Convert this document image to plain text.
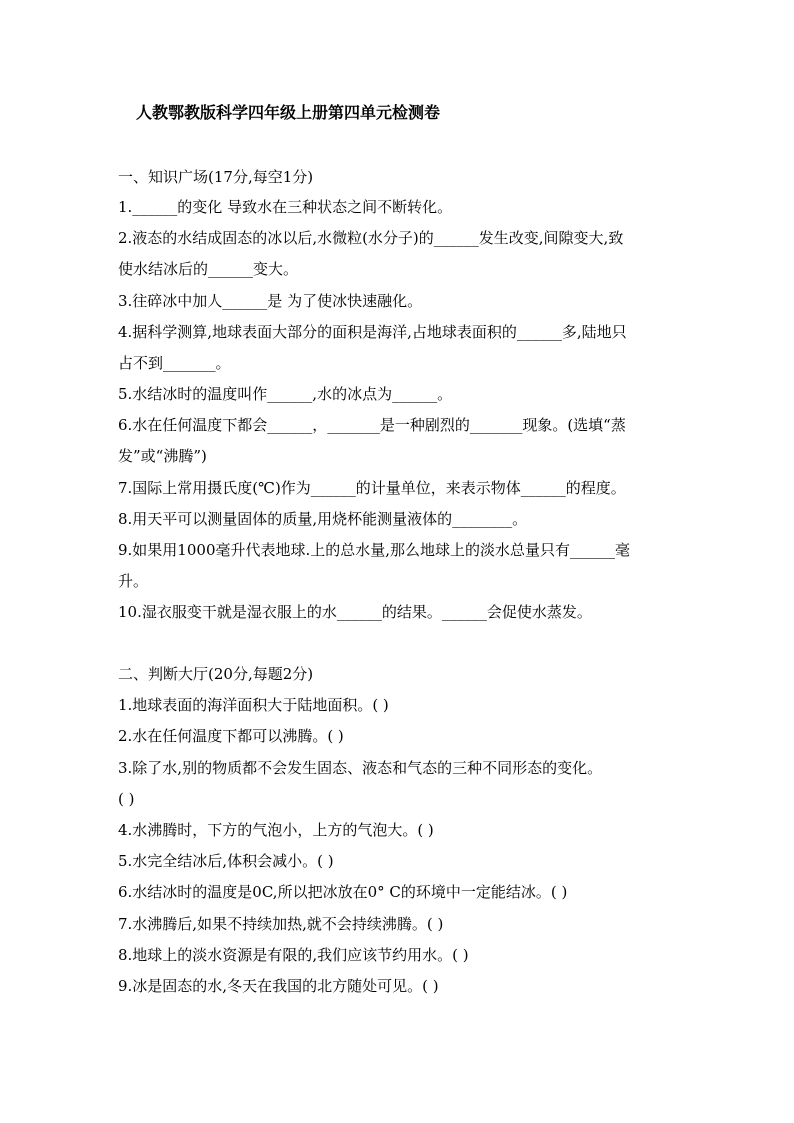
人教鄂教版科学四年级上册第四单元检测卷
一、知识广场(17分,每空1分)
1.______的变化 导致水在三种状态之间不断转化。
2.液态的水结成固态的冰以后,水微粒(水分子)的______发生改变,间隙变大,致
使水结冰后的______变大。
3.往碎冰中加人______是 为了使冰快速融化。
4.据科学测算,地球表面大部分的面积是海洋,占地球表面积的______多,陆地只
占不到_______。
5.水结冰时的温度叫作______,水的冰点为______。
6.水在任何温度下都会______，_______是一种剧烈的_______现象。(选填“蒸
发”或“沸腾”)
7.国际上常用摄氏度(℃)作为______的计量单位，来表示物体______的程度。
8.用天平可以测量固体的质量,用烧杯能测量液体的________。
9.如果用1000毫升代表地球.上的总水量,那么地球上的淡水总量只有______毫
升。
10.湿衣服变干就是湿衣服上的水______的结果。______会促使水蒸发。
二、判断大厅(20分,每题2分)
1.地球表面的海洋面积大于陆地面积。( )
2.水在任何温度下都可以沸腾。( )
3.除了水,别的物质都不会发生固态、液态和气态的三种不同形态的变化。
( )
4.水沸腾时，下方的气泡小，上方的气泡大。( )
5.水完全结冰后,体积会减小。( )
6.水结冰时的温度是0C,所以把冰放在0° C的环境中一定能结冰。( )
7.水沸腾后,如果不持续加热,就不会持续沸腾。( )
8.地球上的淡水资源是有限的,我们应该节约用水。( )
9.冰是固态的水,冬天在我国的北方随处可见。( )
